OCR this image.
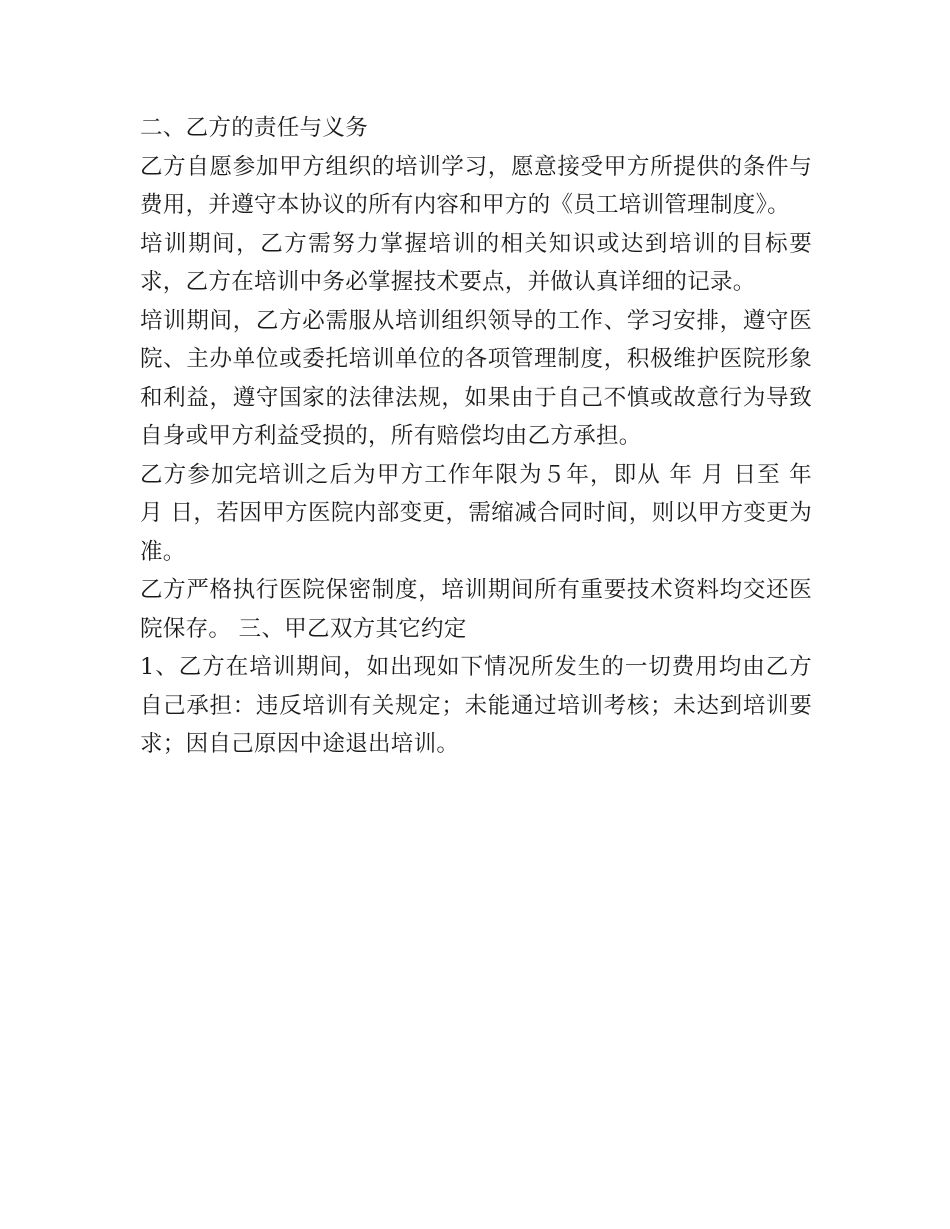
二、乙方的责任与义务

乙方自愿参加甲方组织的培训学习，愿意接受甲方所提供的条件与费用，并遵守本协议的所有内容和甲方的《员工培训管理制度》。

培训期间，乙方需努力掌握培训的相关知识或达到培训的目标要求，乙方在培训中务必掌握技术要点，并做认真详细的记录。

培训期间，乙方必需服从培训组织领导的工作、学习安排，遵守医院、主办单位或委托培训单位的各项管理制度，积极维护医院形象和利益，遵守国家的法律法规，如果由于自己不慎或故意行为导致自身或甲方利益受损的，所有赔偿均由乙方承担。

乙方参加完培训之后为甲方工作年限为５年，即从 年 月 日至 年 月 日，若因甲方医院内部变更，需缩减合同时间，则以甲方变更为准。

乙方严格执行医院保密制度，培训期间所有重要技术资料均交还医院保存。 三、甲乙双方其它约定

1、乙方在培训期间，如出现如下情况所发生的一切费用均由乙方自己承担：违反培训有关规定；未能通过培训考核；未达到培训要求；因自己原因中途退出培训。
